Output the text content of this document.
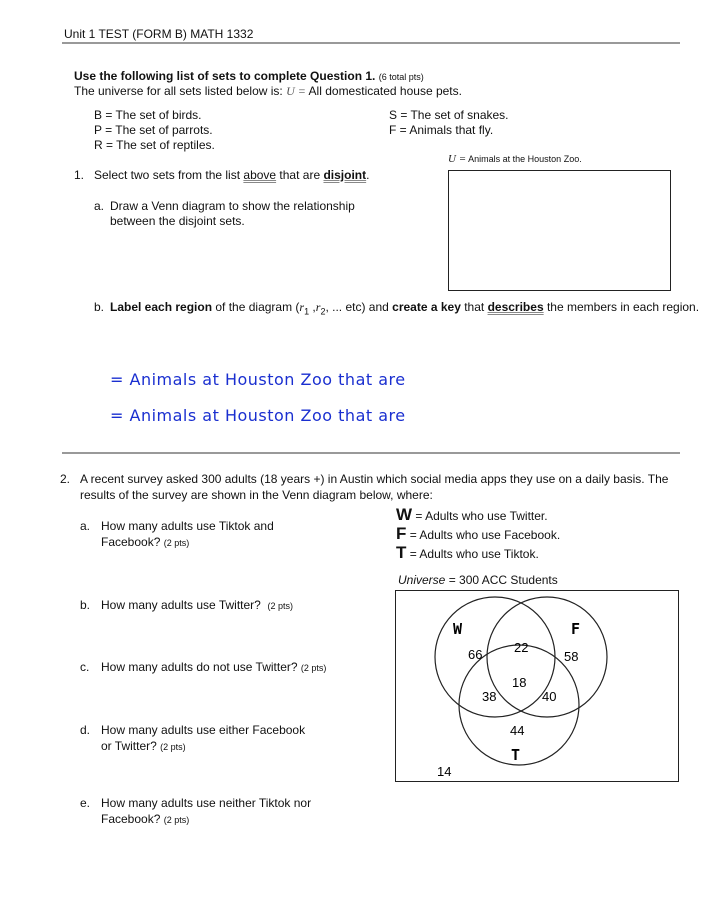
Unit 1 TEST (FORM B) MATH 1332
Use the following list of sets to complete Question 1. (6 total pts)
The universe for all sets listed below is: U = All domesticated house pets.
B = The set of birds.
P = The set of parrots.
R = The set of reptiles.
S = The set of snakes.
F = Animals that fly.
U = Animals at the Houston Zoo.
1. Select two sets from the list above that are disjoint.
a. Draw a Venn diagram to show the relationship
between the disjoint sets.
b. Label each region of the diagram ($r_1$ $,r_2$, ... etc) and create a key that describes the members in each region.
= Animals at Houston Zoo that are
= Animals at Houston Zoo that are
2. A recent survey asked 300 adults (18 years +) in Austin which social media apps they use on a daily basis. The
results of the survey are shown in the Venn diagram below, where:
W = Adults who use Twitter.
F = Adults who use Facebook.
T = Adults who use Tiktok.
Universe = 300 ACC Students
a. How many adults use Tiktok and
Facebook? (2 pts)
b. How many adults use Twitter? (2 pts)
c. How many adults do not use Twitter? (2 pts)
d. How many adults use either Facebook
or Twitter? (2 pts)
e. How many adults use neither Tiktok nor
Facebook? (2 pts)
W	F
T
66 22
58
18
38	40
44
14
